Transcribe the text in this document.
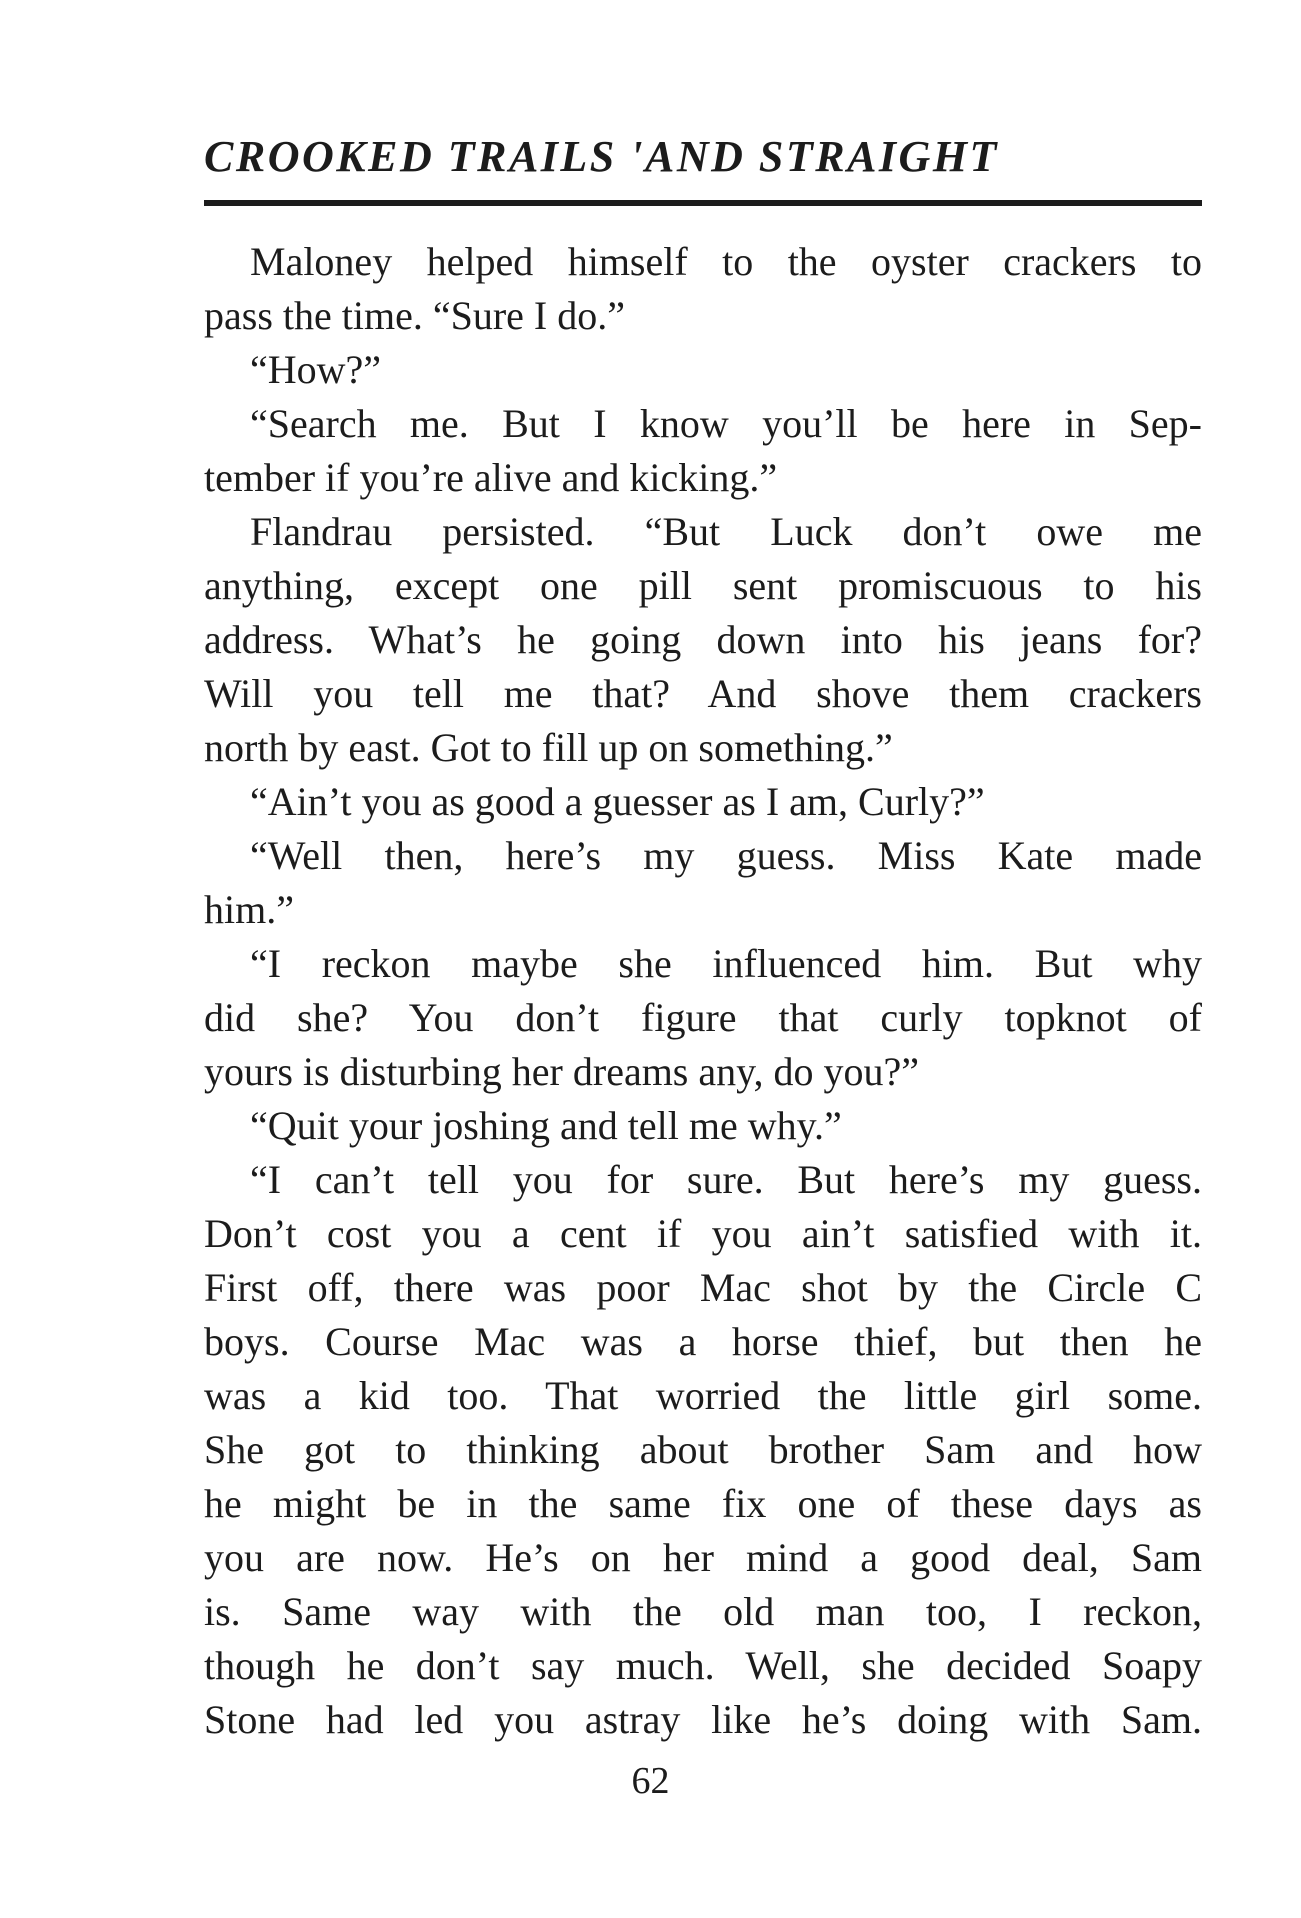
CROOKED TRAILS 'AND STRAIGHT
Maloney helped himself to the oyster crackers to
pass the time. “Sure I do.”
“How?”
“Search me. But I know you’ll be here in Sep-
tember if you’re alive and kicking.”
Flandrau persisted. “But Luck don’t owe me
anything, except one pill sent promiscuous to his
address. What’s he going down into his jeans for?
Will you tell me that? And shove them crackers
north by east. Got to fill up on something.”
“Ain’t you as good a guesser as I am, Curly?”
“Well then, here’s my guess. Miss Kate made
him.”
“I reckon maybe she influenced him. But why
did she? You don’t figure that curly topknot of
yours is disturbing her dreams any, do you?”
“Quit your joshing and tell me why.”
“I can’t tell you for sure. But here’s my guess.
Don’t cost you a cent if you ain’t satisfied with it.
First off, there was poor Mac shot by the Circle C
boys. Course Mac was a horse thief, but then he
was a kid too. That worried the little girl some.
She got to thinking about brother Sam and how
he might be in the same fix one of these days as
you are now. He’s on her mind a good deal, Sam
is. Same way with the old man too, I reckon,
though he don’t say much. Well, she decided Soapy
Stone had led you astray like he’s doing with Sam.
62
